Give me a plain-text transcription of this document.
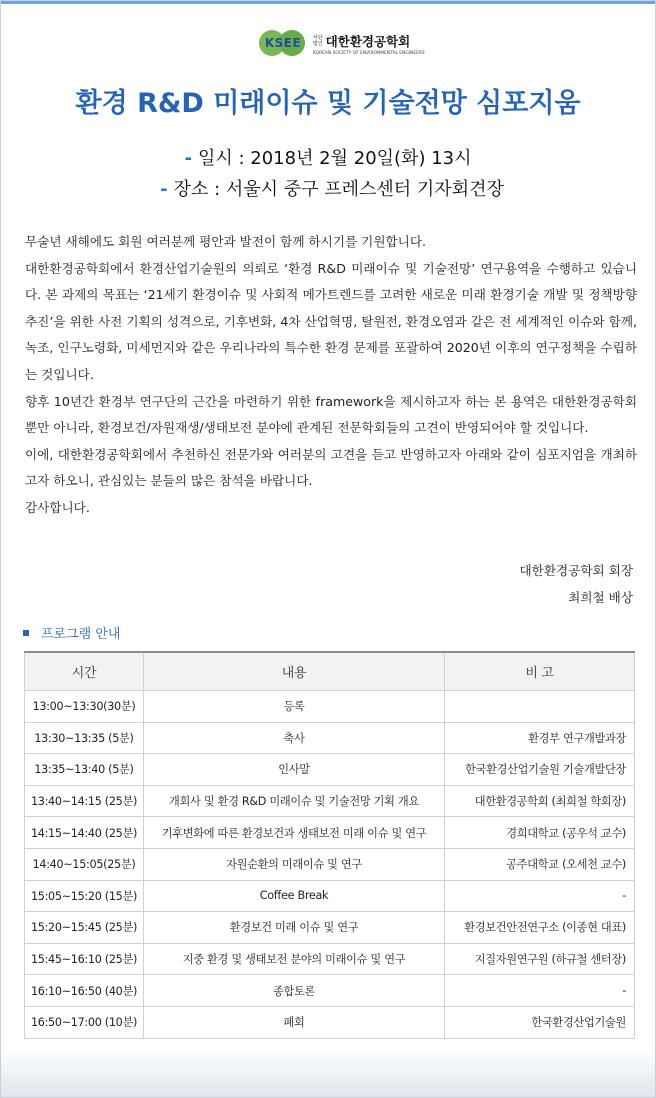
KSEE	사단
법인 대한환경공학회
KOREAN SOCIETY OF ENVIRONMENTAL ENGINEERS
환경 R&D 미래이슈 및 기술전망 심포지움
- 일시 : 2018년 2월 20일(화) 13시
- 장소 : 서울시 중구 프레스센터 기자회견장

무술년 새해에도 회원 여러분께 평안과 발전이 함께 하시기를 기원합니다.

대한환경공학회에서 환경산업기술원의 의뢰로 ‘환경 R&D 미래이슈 및 기술전망’ 연구용역을 수행하고 있습니다. 본 과제의 목표는 ‘21세기 환경이슈 및 사회적 메가트렌드를 고려한 새로운 미래 환경기술 개발 및 정책방향 추진’을 위한 사전 기획의 성격으로, 기후변화, 4차 산업혁명, 탈원전, 환경오염과 같은 전 세계적인 이슈와 함께, 녹조, 인구노령화, 미세먼지와 같은 우리나라의 특수한 환경 문제를 포괄하여 2020년 이후의 연구정책을 수립하는 것입니다.

향후 10년간 환경부 연구단의 근간을 마련하기 위한 framework을 제시하고자 하는 본 용역은 대한환경공학회 뿐만 아니라, 환경보건/자원재생/생태보전 분야에 관계된 전문학회들의 고견이 반영되어야 할 것입니다.

이에, 대한환경공학회에서 추천하신 전문가와 여러분의 고견을 듣고 반영하고자 아래와 같이 심포지엄을 개최하고자 하오니, 관심있는 분들의 많은 참석을 바랍니다.

감사합니다.

대한환경공학회 회장
최희철 배상
프로그램 안내
시간	내용	비 고
13:00~13:30(30분)	등록	
13:30~13:35 (5분)	축사	환경부 연구개발과장
13:35~13:40 (5분)	인사말	한국환경산업기술원 기술개발단장
13:40~14:15 (25분)	개회사 및 환경 R&D 미래이슈 및 기술전망 기획 개요	대한환경공학회 (최희철 학회장)
14:15~14:40 (25분)	기후변화에 따른 환경보건과 생태보전 미래 이슈 및 연구	경희대학교 (공우석 교수)
14:40~15:05(25분)	자원순환의 미래이슈 및 연구	공주대학교 (오세천 교수)
15:05~15:20 (15분)	Coffee Break	-
15:20~15:45 (25분)	환경보건 미래 이슈 및 연구	환경보건안전연구소 (이종현 대표)
15:45~16:10 (25분)	지중 환경 및 생태보전 분야의 미래이슈 및 연구	지질자원연구원 (하규철 센터장)
16:10~16:50 (40분)	종합토론	-
16:50~17:00 (10분)	폐회	한국환경산업기술원
